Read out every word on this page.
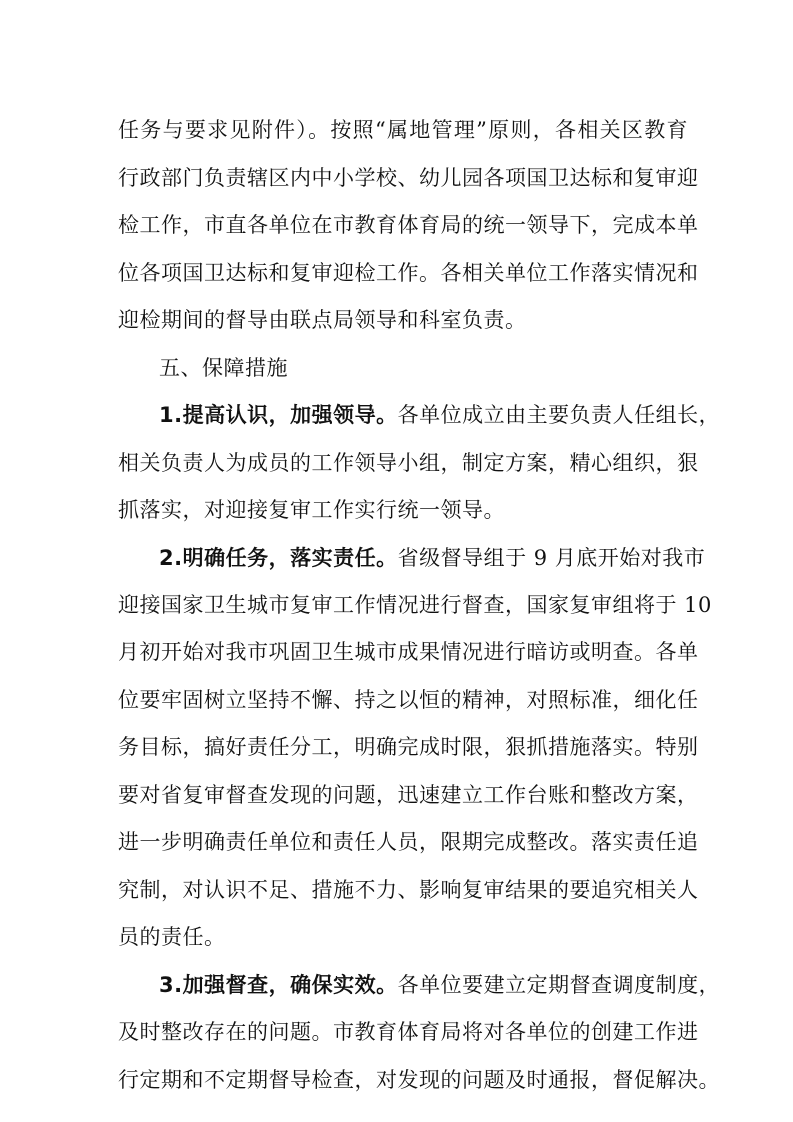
任务与要求见附件）。按照“属地管理”原则，各相关区教育
行政部门负责辖区内中小学校、幼儿园各项国卫达标和复审迎
检工作，市直各单位在市教育体育局的统一领导下，完成本单
位各项国卫达标和复审迎检工作。各相关单位工作落实情况和
迎检期间的督导由联点局领导和科室负责。
五、保障措施
1.提高认识，加强领导。各单位成立由主要负责人任组长，
相关负责人为成员的工作领导小组，制定方案，精心组织，狠
抓落实，对迎接复审工作实行统一领导。
2.明确任务，落实责任。省级督导组于 9 月底开始对我市
迎接国家卫生城市复审工作情况进行督查，国家复审组将于 10
月初开始对我市巩固卫生城市成果情况进行暗访或明查。各单
位要牢固树立坚持不懈、持之以恒的精神，对照标准，细化任
务目标，搞好责任分工，明确完成时限，狠抓措施落实。特别
要对省复审督查发现的问题，迅速建立工作台账和整改方案，
进一步明确责任单位和责任人员，限期完成整改。落实责任追
究制，对认识不足、措施不力、影响复审结果的要追究相关人
员的责任。
3.加强督查，确保实效。各单位要建立定期督查调度制度，
及时整改存在的问题。市教育体育局将对各单位的创建工作进
行定期和不定期督导检查，对发现的问题及时通报，督促解决。
